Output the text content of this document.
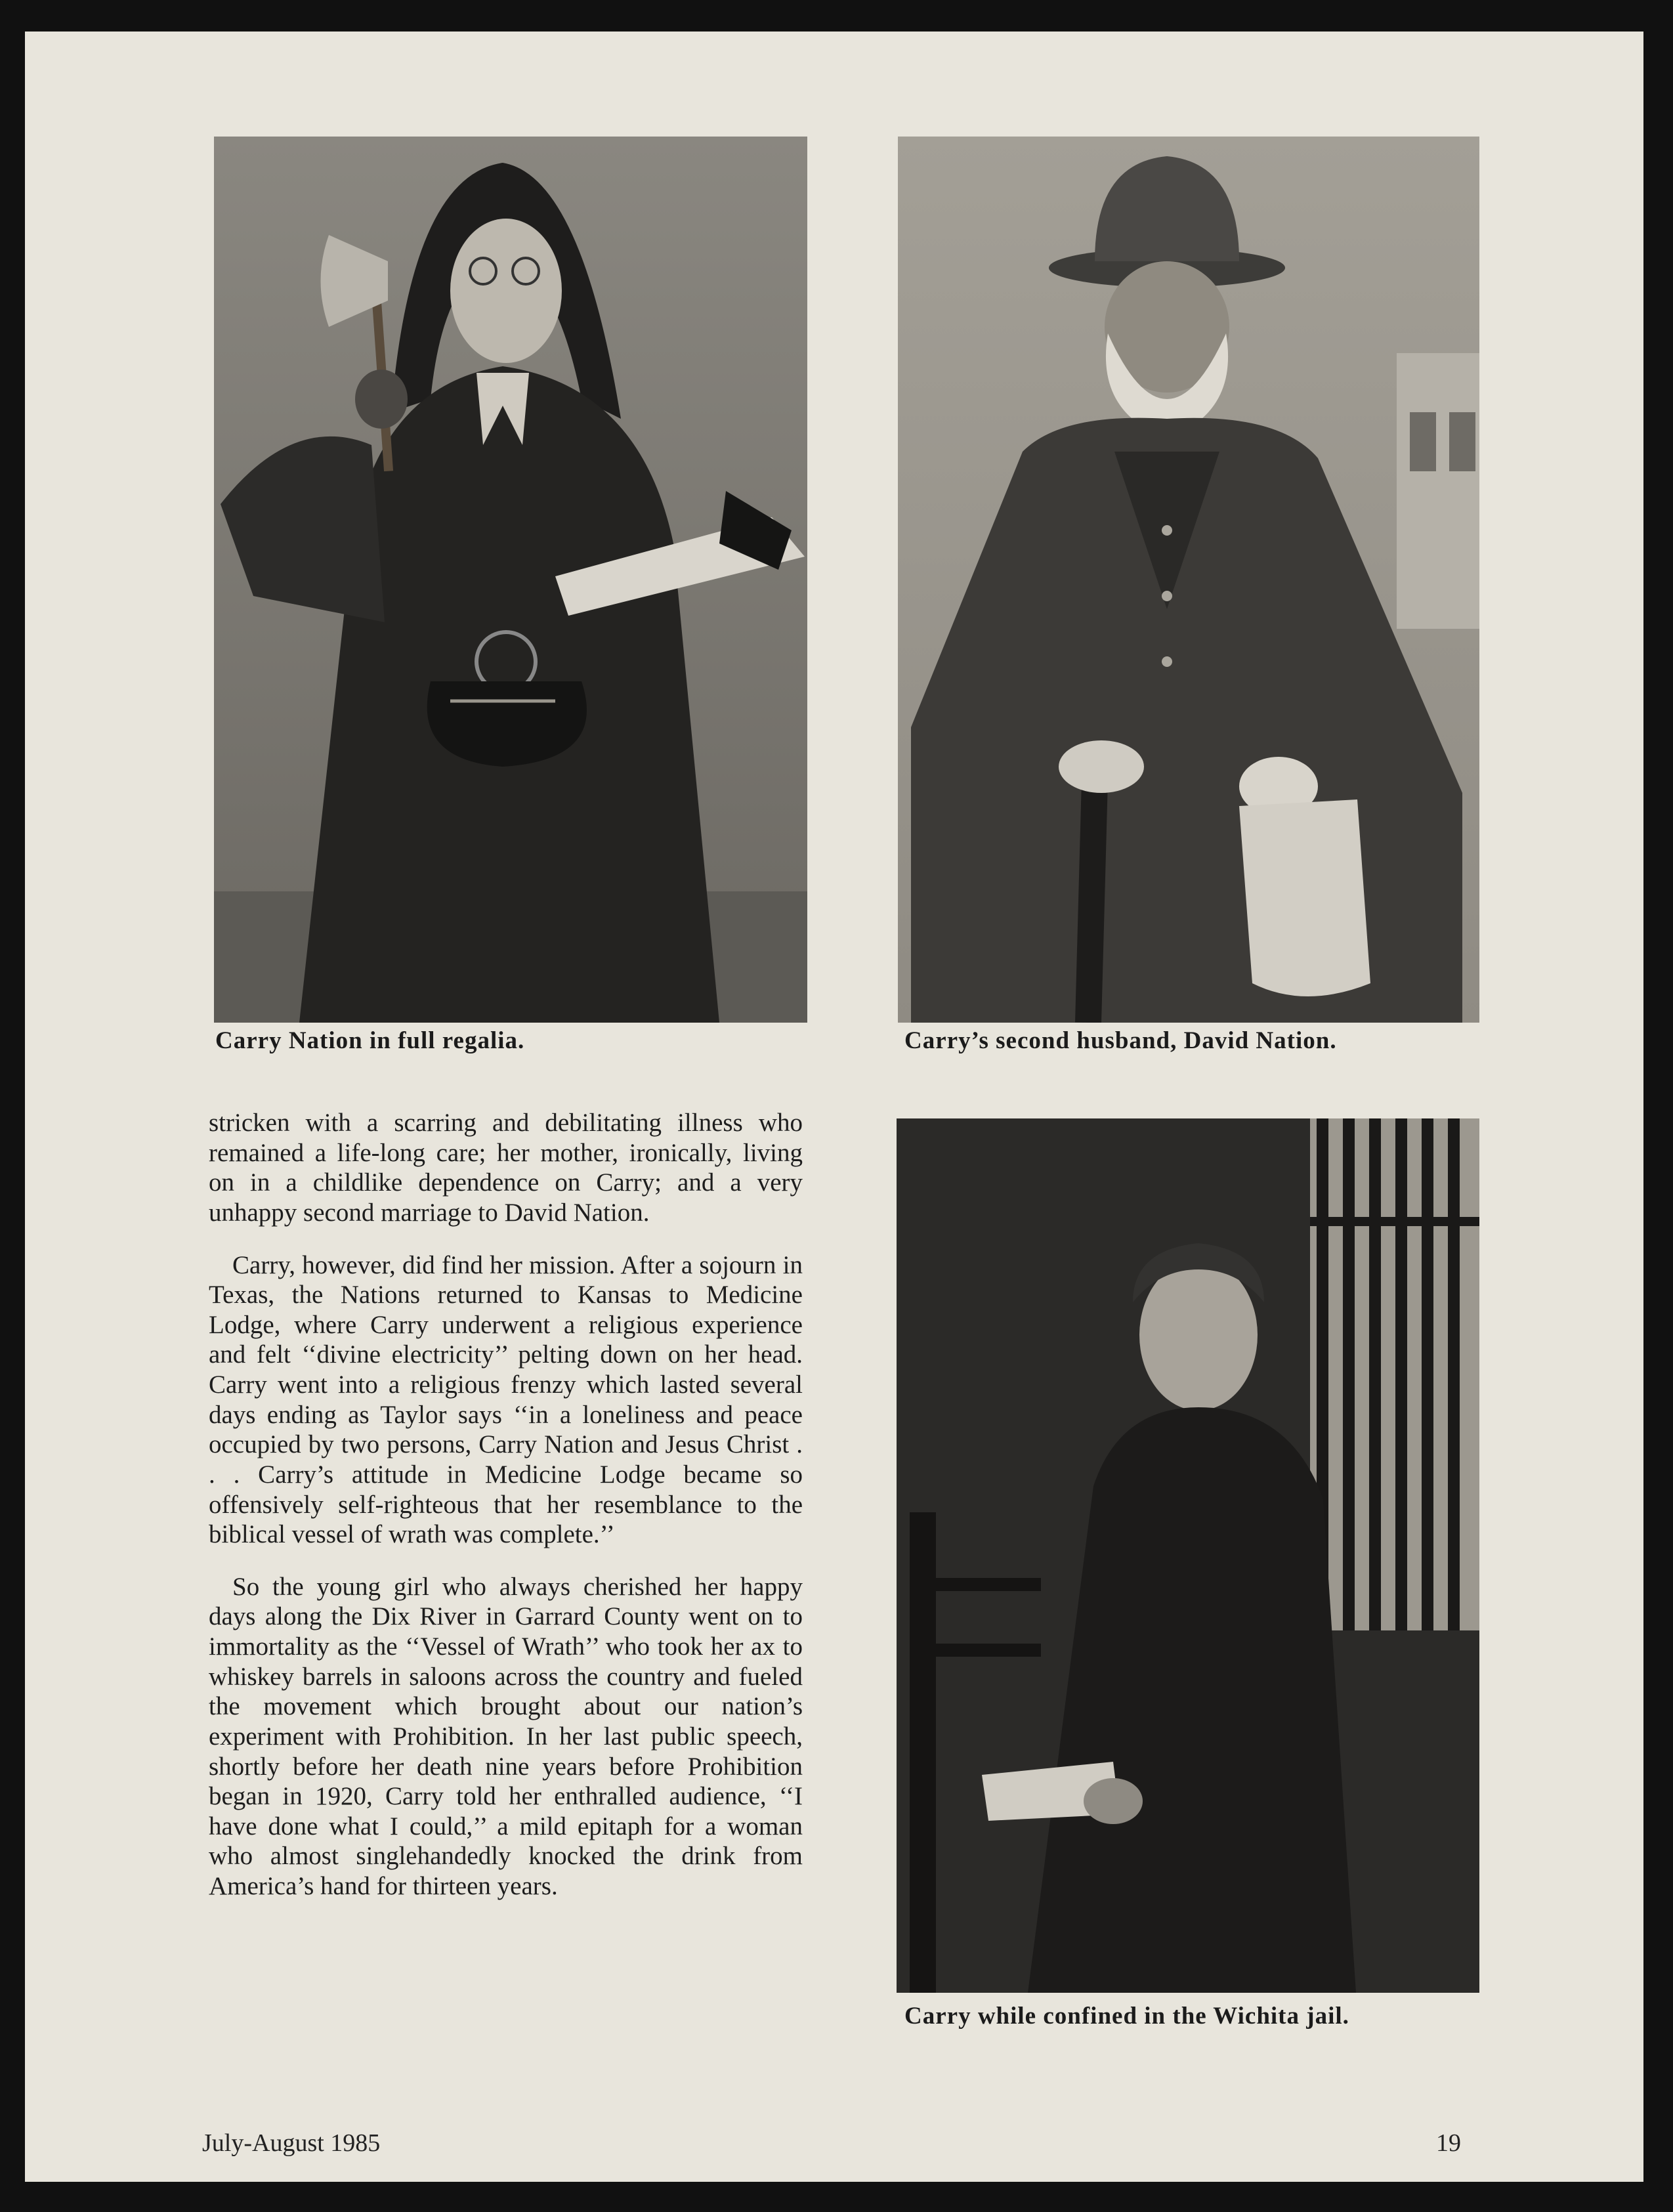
Carry Nation in full regalia.	Carry’s second husband, David Nation.

stricken with a scarring and debilitating illness who remained a life-long care; her mother, ironically, living on in a childlike dependence on Carry; and a very unhappy second marriage to David Nation.

Carry, however, did find her mission. After a sojourn in Texas, the Nations returned to Kansas to Medicine Lodge, where Carry underwent a religious experience and felt ‘‘divine electricity’’ pelting down on her head. Carry went into a religious frenzy which lasted several days ending as Taylor says ‘‘in a loneliness and peace occupied by two persons, Carry Nation and Jesus Christ . . . Carry’s attitude in Medicine Lodge became so offensively self-righteous that her resemblance to the biblical vessel of wrath was complete.’’

So the young girl who always cherished her happy days along the Dix River in Garrard County went on to immortality as the ‘‘Vessel of Wrath’’ who took her ax to whiskey barrels in saloons across the country and fueled the movement which brought about our nation’s experiment with Prohibition. In her last public speech, shortly before her death nine years before Prohibition began in 1920, Carry told her enthralled audience, ‘‘I have done what I could,’’ a mild epitaph for a woman who almost singlehandedly knocked the drink from America’s hand for thirteen years.

Carry while confined in the Wichita jail.
July-August 1985	19
